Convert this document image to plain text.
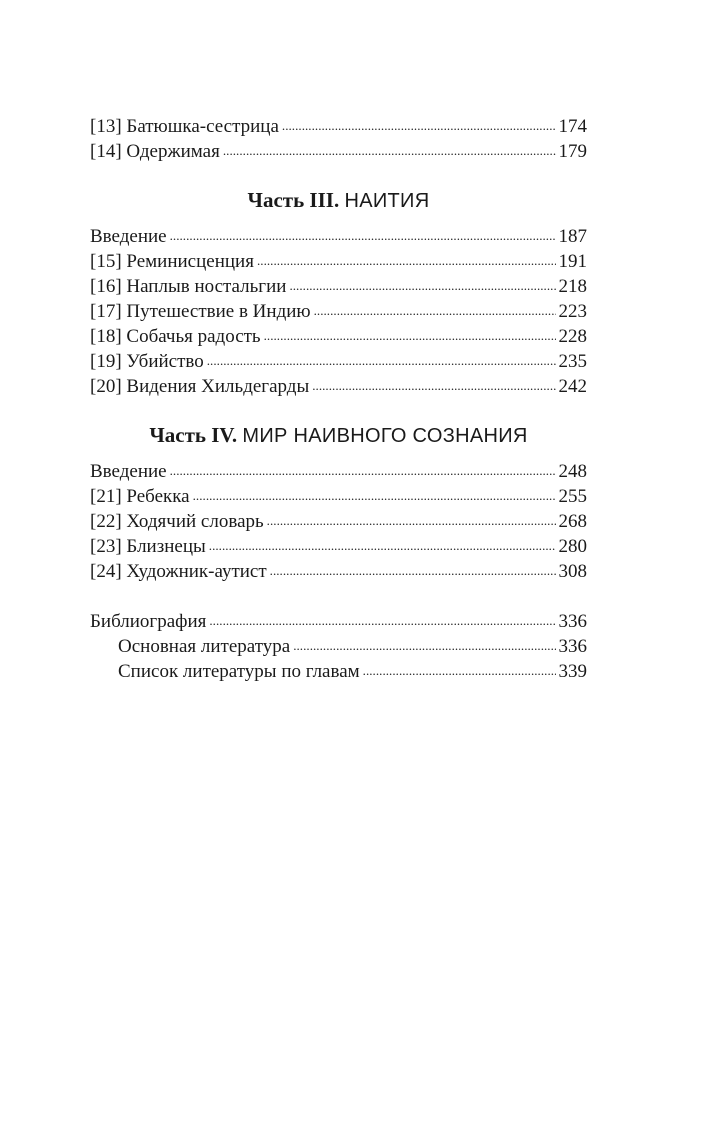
[13] Батюшка-сестрица . . .	174
[14] Одержимая . . .	179
Часть III. НАИТИЯ
Введение . . .	187
[15] Реминисценция . . .	191
[16] Наплыв ностальгии . . .	218
[17] Путешествие в Индию . . .	223
[18] Собачья радость . . .	228
[19] Убийство . . .	235
[20] Видения Хильдегарды . . .	242
Часть IV. МИР НАИВНОГО СОЗНАНИЯ
Введение . . .	248
[21] Ребекка . . .	255
[22] Ходячий словарь . . .	268
[23] Близнецы . . .	280
[24] Художник-аутист . . .	308
Библиография . . .	336
Основная литература . . .	336
Список литературы по главам . . .	339
